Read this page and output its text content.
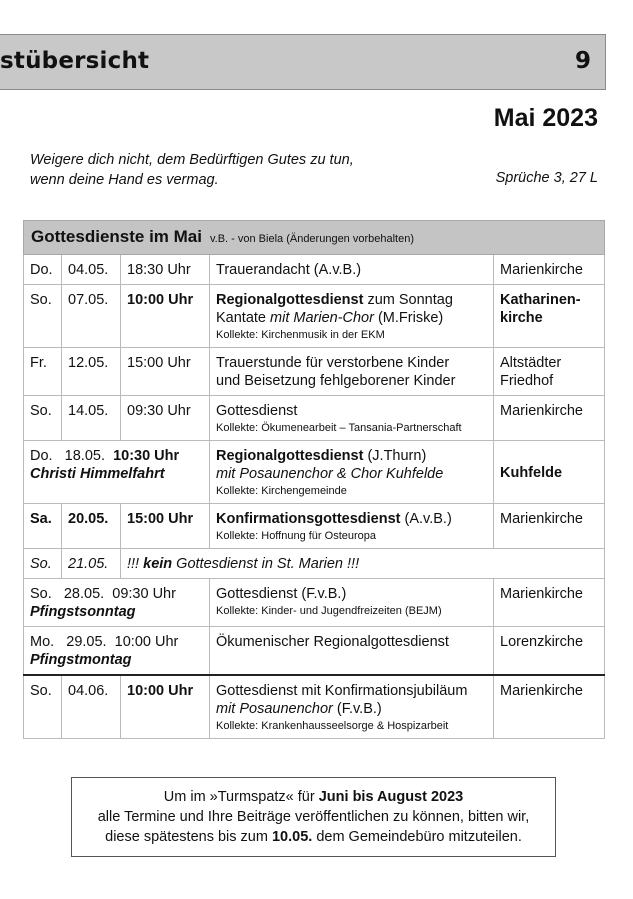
stübersicht	9
Mai 2023
Weigere dich nicht, dem Bedürftigen Gutes zu tun,
wenn deine Hand es vermag.	Sprüche 3, 27 L
Gottesdienste im Mai v.B. - von Biela (Änderungen vorbehalten)				
Do.	04.05.	18:30 Uhr	Trauerandacht (A.v.B.)	Marienkirche
So.	07.05.	10:00 Uhr	Regionalgottesdienst zum Sonntag
Kantate mit Marien-Chor (M.Friske)
Kollekte: Kirchenmusik in der EKM	Katharinen-
kirche
Fr.	12.05.	15:00 Uhr	Trauerstunde für verstorbene Kinder
und Beisetzung fehlgeborener Kinder	Altstädter
Friedhof
So.	14.05.	09:30 Uhr	Gottesdienst
Kollekte: Ökumenearbeit – Tansania-Partnerschaft	Marienkirche
Do. 18.05. 10:30 Uhr
Christi Himmelfahrt			Regionalgottesdienst (J.Thurn)
mit Posaunenchor & Chor Kuhfelde
Kollekte: Kirchengemeinde	Kuhfelde
Sa.	20.05.	15:00 Uhr	Konfirmationsgottesdienst (A.v.B.)
Kollekte: Hoffnung für Osteuropa	Marienkirche
So.	21.05.	!!! kein Gottesdienst in St. Marien !!!		
So. 28.05. 09:30 Uhr
Pfingstsonntag			Gottesdienst (F.v.B.)
Kollekte: Kinder- und Jugendfreizeiten (BEJM)	Marienkirche
Mo. 29.05. 10:00 Uhr
Pfingstmontag			Ökumenischer Regionalgottesdienst	Lorenzkirche
So.	04.06.	10:00 Uhr	Gottesdienst mit Konfirmationsjubiläum
mit Posaunenchor (F.v.B.)
Kollekte: Krankenhausseelsorge & Hospizarbeit	Marienkirche
Um im »Turmspatz« für Juni bis August 2023
alle Termine und Ihre Beiträge veröffentlichen zu können, bitten wir,
diese spätestens bis zum 10.05. dem Gemeindebüro mitzuteilen.
